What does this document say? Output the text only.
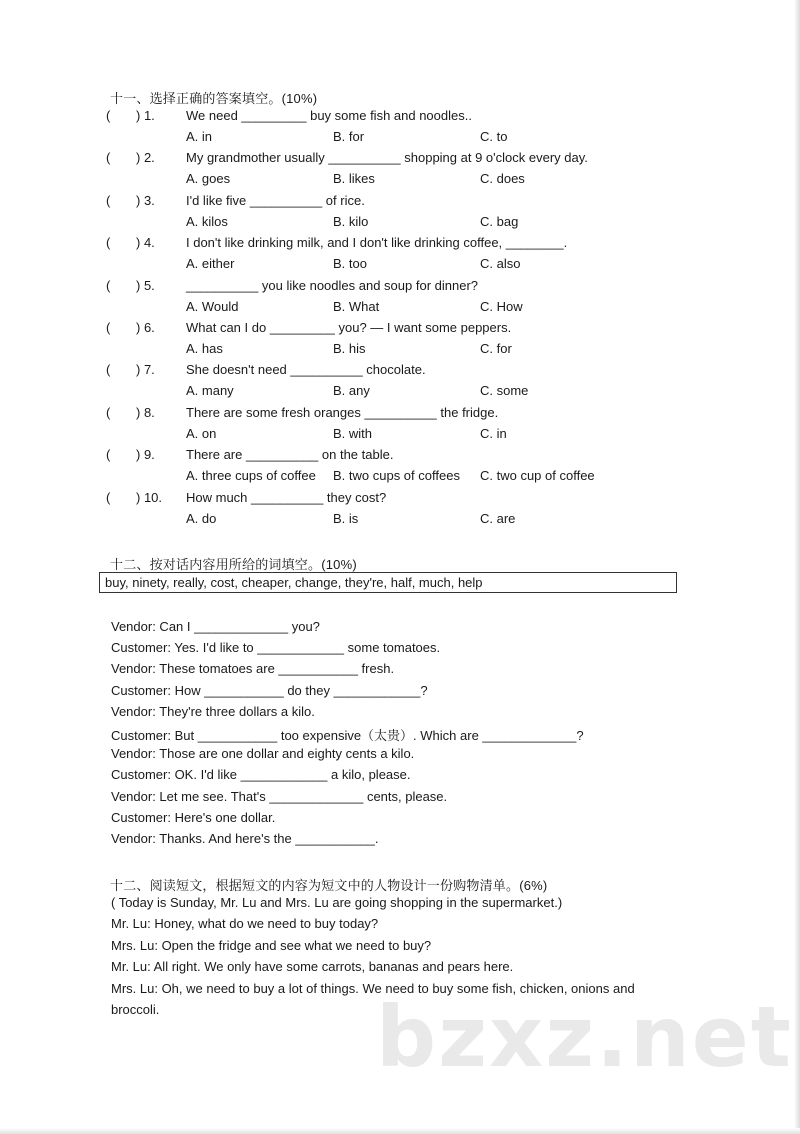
十一、选择正确的答案填空。(10%)
( ) 1. We need _________ buy some fish and noodles..
A. in	B. for	C. to
( ) 2. My grandmother usually __________ shopping at 9 o'clock every day.
A. goes	B. likes	C. does
( ) 3. I'd like five __________ of rice.
A. kilos	B. kilo	C. bag
( ) 4. I don't like drinking milk, and I don't like drinking coffee, ________.
A. either	B. too	C. also
( ) 5. __________ you like noodles and soup for dinner?
A. Would	B. What	C. How
( ) 6. What can I do _________ you? — I want some peppers.
A. has	B. his	C. for
( ) 7. She doesn't need __________ chocolate.
A. many	B. any	C. some
( ) 8. There are some fresh oranges __________ the fridge.
A. on	B. with	C. in
( ) 9. There are __________ on the table.
A. three cups of coffee B. two cups of coffees C. two cup of coffee
( ) 10. How much __________ they cost?
A. do	B. is	C. are
十二、按对话内容用所给的词填空。(10%)
buy, ninety, really, cost, cheaper, change, they're, half, much, help
Vendor: Can I _____________ you?
Customer: Yes. I'd like to ____________ some tomatoes.
Vendor: These tomatoes are ___________ fresh.
Customer: How ___________ do they ____________?
Vendor: They're three dollars a kilo.
Customer: But ___________ too expensive（太贵）. Which are _____________?
Vendor: Those are one dollar and eighty cents a kilo.
Customer: OK. I'd like ____________ a kilo, please.
Vendor: Let me see. That's _____________ cents, please.
Customer: Here's one dollar.
Vendor: Thanks. And here's the ___________.
十二、阅读短文，根据短文的内容为短文中的人物设计一份购物清单。(6%)
( Today is Sunday, Mr. Lu and Mrs. Lu are going shopping in the supermarket.)
Mr. Lu: Honey, what do we need to buy today?
Mrs. Lu: Open the fridge and see what we need to buy?
Mr. Lu: All right. We only have some carrots, bananas and pears here.
Mrs. Lu: Oh, we need to buy a lot of things. We need to buy some fish, chicken, onions and
broccoli.	bzxz.net
